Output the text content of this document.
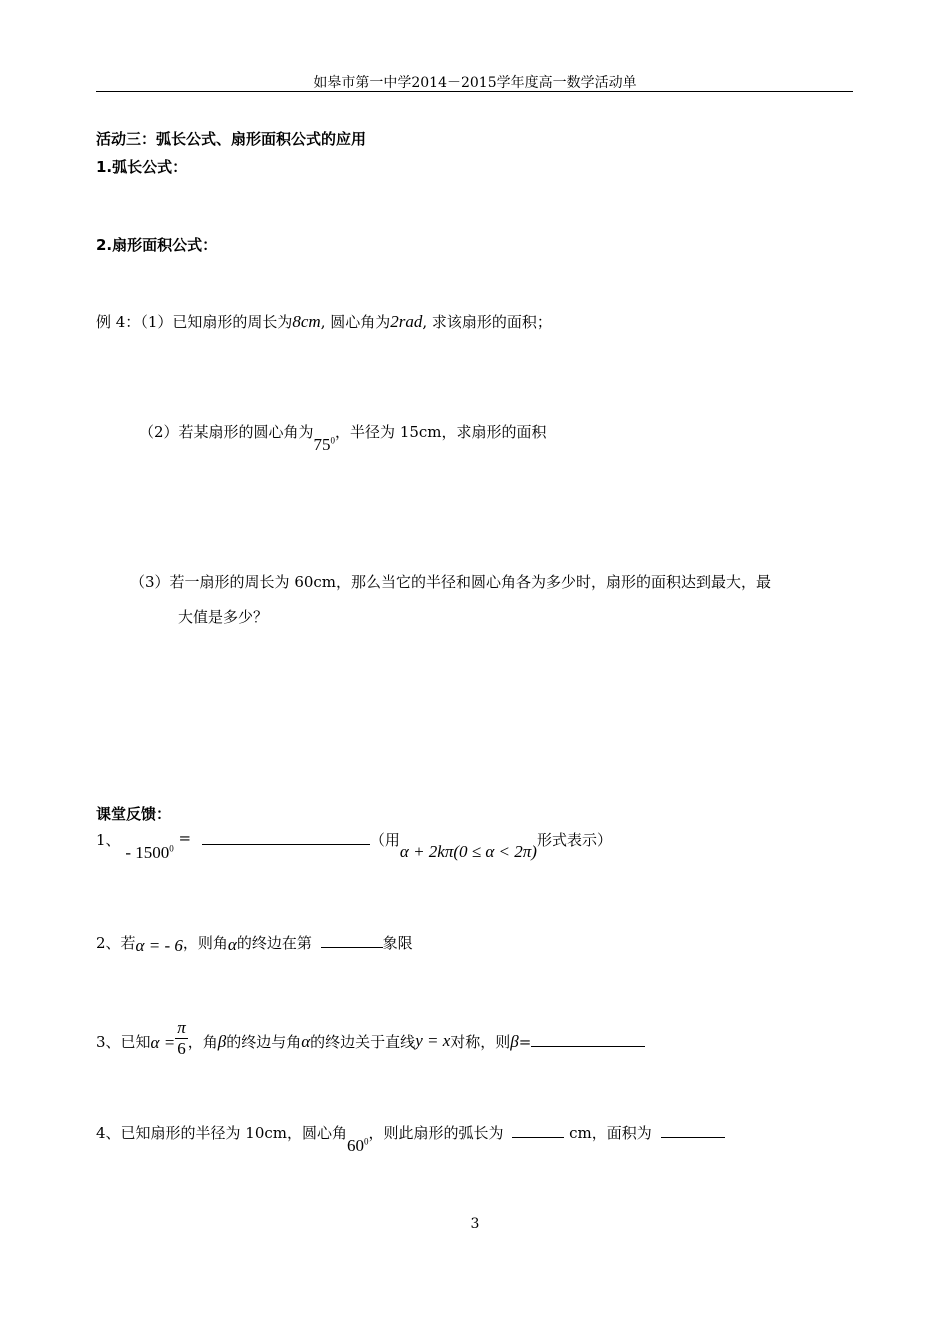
如皋市第一中学2014－2015学年度高一数学活动单
活动三：弧长公式、扇形面积公式的应用
1.弧长公式：
2.扇形面积公式：
例 4：（1）已知扇形的周长为8cm, 圆心角为2rad, 求该扇形的面积；
（2）若某扇形的圆心角为$75^0$，半径为 15cm，求扇形的面积
（3）若一扇形的周长为 60cm，那么当它的半径和圆心角各为多少时，扇形的面积达到最大，最
大值是多少？
课堂反馈：
1、 - $1500^0$ =	（用α + 2kπ(0 ≤ α < 2π)形式表示）
2、若α = - 6，则角α的终边在第	象限
3、已知$\alpha = \frac{\pi}{6}$ ，角β的终边与角α的终边关于直线y = x对称，则β=
4、已知扇形的半径为 10cm，圆心角$60^0$，则此扇形的弧长为	cm，面积为
3
